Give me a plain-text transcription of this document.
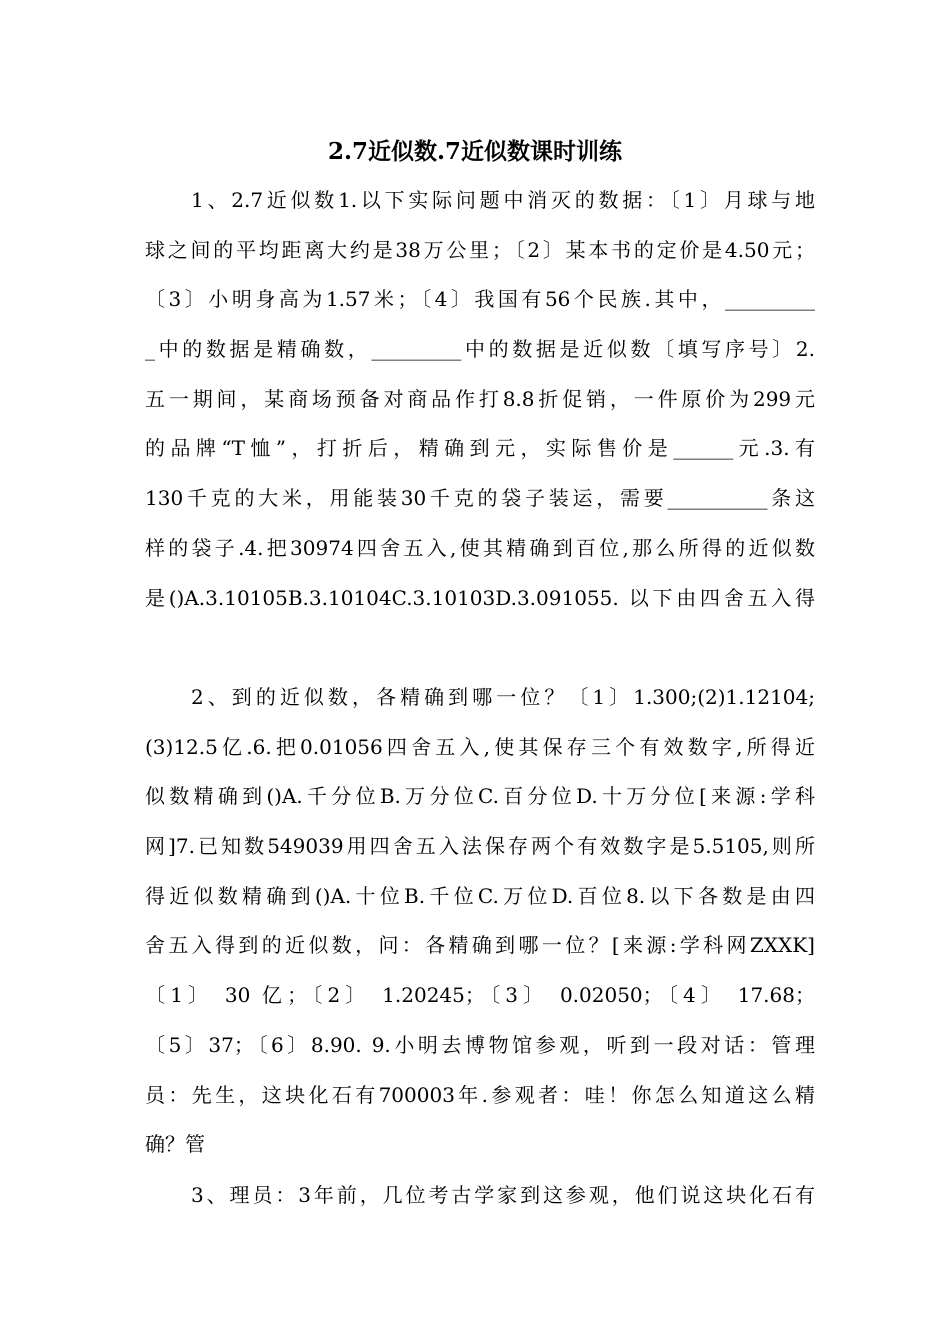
2.7近似数.7近似数课时训练
1、2.7近似数1.以下实际问题中消灭的数据：〔1〕月球与地
球之间的平均距离大约是38万公里；〔2〕某本书的定价是4.50元；
〔3〕小明身高为1.57米；〔4〕我国有56个民族.其中，_________
_中的数据是精确数，_________中的数据是近似数〔填写序号〕2.
五一期间，某商场预备对商品作打8.8折促销，一件原价为299元
的品牌“T恤”，打折后，精确到元，实际售价是______元.3.有
130千克的大米，用能装30千克的袋子装运，需要__________条这
样的袋子.4.把30974四舍五入,使其精确到百位,那么所得的近似数
是()A.3.10105B.3.10104C.3.10103D.3.091055. 以下由四舍五入得
2、到的近似数，各精确到哪一位？〔1〕1.300;(2)1.12104;
(3)12.5亿.6.把0.01056四舍五入,使其保存三个有效数字,所得近
似数精确到()A.千分位B.万分位C.百分位D.十万分位[来源:学科
网]7.已知数549039用四舍五入法保存两个有效数字是5.5105,则所
得近似数精确到()A.十位B.千位C.万位D.百位8.以下各数是由四
舍五入得到的近似数，问：各精确到哪一位？[来源:学科网ZXXK]
〔1〕 30 亿；〔2〕 1.20245；〔3〕 0.02050；〔4〕 17.68；
〔5〕37；〔6〕8.90. 9.小明去博物馆参观，听到一段对话：管理
员：先生，这块化石有700003年.参观者：哇！你怎么知道这么精
确？管
3、理员：3年前，几位考古学家到这参观，他们说这块化石有
